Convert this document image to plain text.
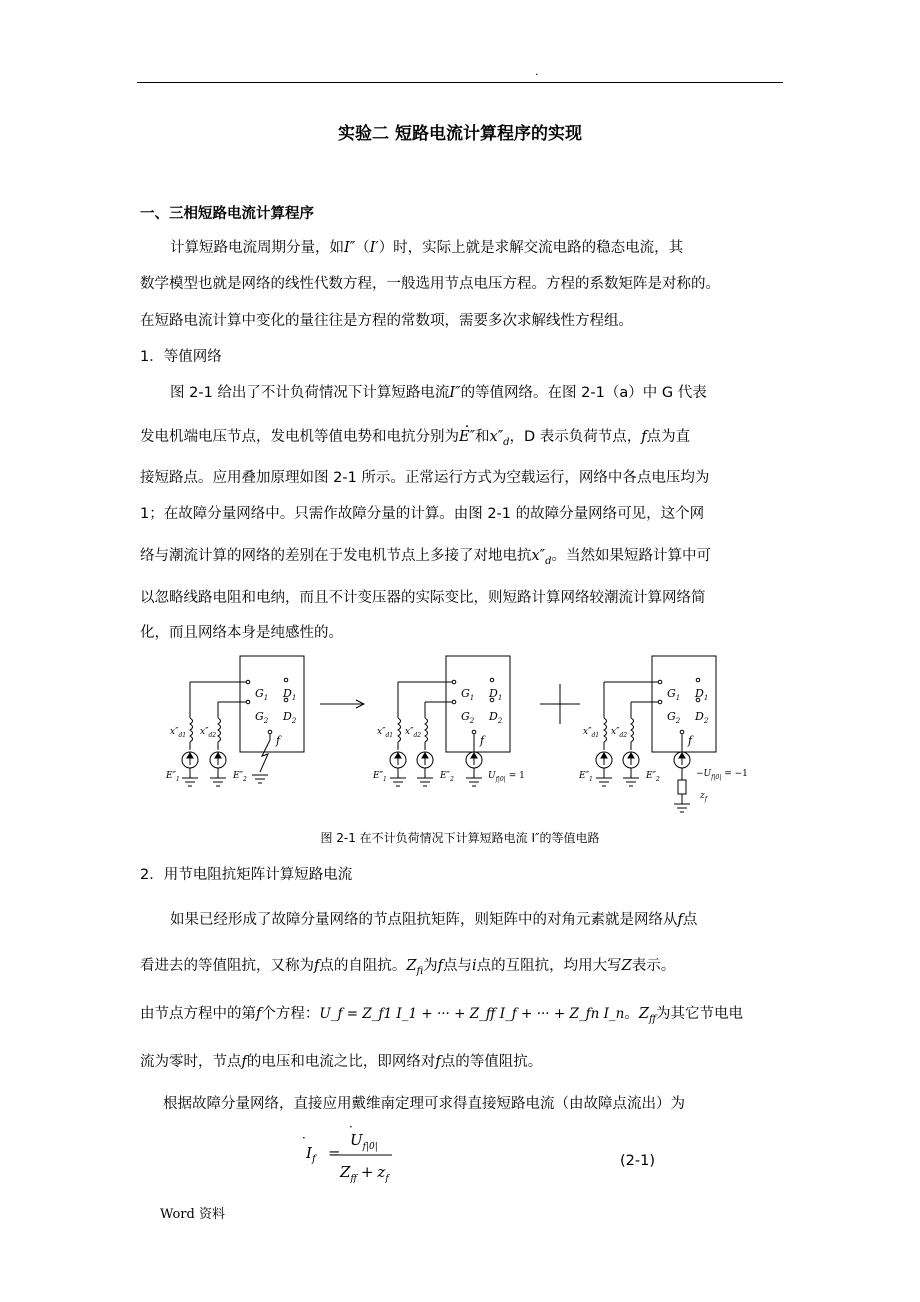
.
实验二 短路电流计算程序的实现
一、三相短路电流计算程序
计算短路电流周期分量，如I″（I′）时，实际上就是求解交流电路的稳态电流，其
数学模型也就是网络的线性代数方程，一般选用节点电压方程。方程的系数矩阵是对称的。
在短路电流计算中变化的量往往是方程的常数项，需要多次求解线性方程组。
1．等值网络
图 2-1 给出了不计负荷情况下计算短路电流I″的等值网络。在图 2-1（a）中 G 代表
发电机端电压节点，发电机等值电势和电抗分别为· E″和$x''_d$，D 表示负荷节点，f点为直
接短路点。应用叠加原理如图 2-1 所示。正常运行方式为空载运行，网络中各点电压均为
1；在故障分量网络中。只需作故障分量的计算。由图 2-1 的故障分量网络可见，这个网
络与潮流计算的网络的差别在于发电机节点上多接了对地电抗$x''_d$。当然如果短路计算中可
以忽略线路电阻和电纳，而且不计变压器的实际变比，则短路计算网络较潮流计算网络简
化，而且网络本身是纯感性的。
$G_1$
$G_2$
$D_1$
$D_2$
f
$x''_{d1}$ $x''_{d2}$
$E''_1$	$E''_2$
$G_1$
$G_2$
$D_1$
$D_2$
f
$x''_{d1}$ $x''_{d2}$
$E''_1$	$E''_2$	$U_{f|0|} = 1$
$G_1$
$G_2$
$D_1$
$D_2$
f
$x''_{d1}$ $x''_{d2}$
$E''_1$	$E''_2$
$-U_{f|0|} = -1$
$z_f$
图 2-1 在不计负荷情况下计算短路电流 I″的等值电路
2．用节电阻抗矩阵计算短路电流
如果已经形成了故障分量网络的节点阻抗矩阵，则矩阵中的对角元素就是网络从f点
看进去的等值阻抗，又称为f点的自阻抗。$Z_{fi}$为f点与i点的互阻抗，均用大写Z表示。
由节点方程中的第f个方程：U_f = Z_f1 I_1 + ··· + Z_ff I_f + ··· + Z_fn I_n。$Z_{ff}$为其它节电电
流为零时，节点f的电压和电流之比，即网络对f点的等值阻抗。
根据故障分量网络，直接应用戴维南定理可求得直接短路电流（由故障点流出）为
$I_f$
·
=
$U_{f|0|}$
·
$Z_{ff} + z_f$
(2-1)
Word 资料
